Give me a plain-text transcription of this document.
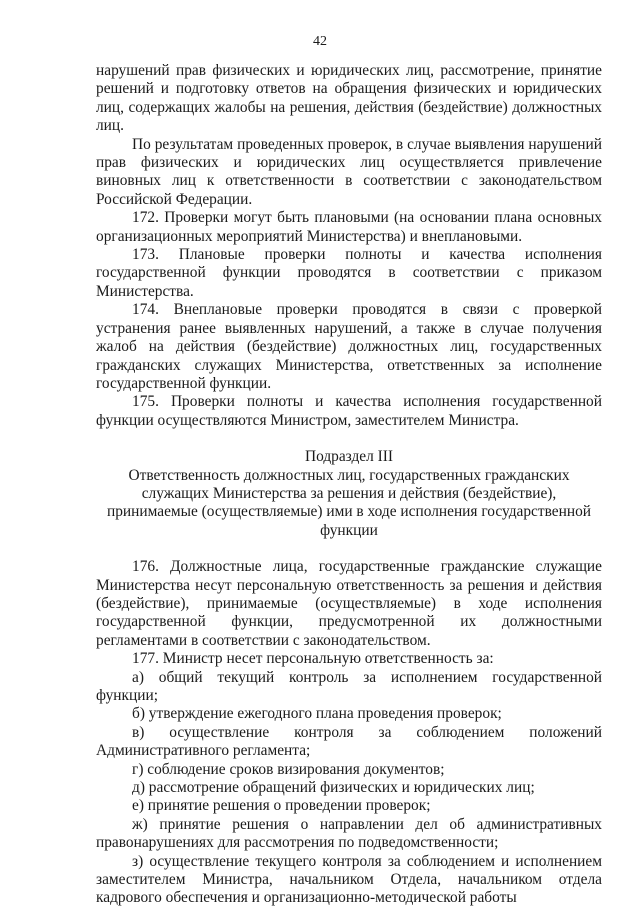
42

нарушений прав физических и юридических лиц, рассмотрение, принятие решений и подготовку ответов на обращения физических и юридических лиц, содержащих жалобы на решения, действия (бездействие) должностных лиц.

По результатам проведенных проверок, в случае выявления нарушений прав физических и юридических лиц осуществляется привлечение виновных лиц к ответственности в соответствии с законодательством Российской Федерации.

172. Проверки могут быть плановыми (на основании плана основных организационных мероприятий Министерства) и внеплановыми.

173. Плановые проверки полноты и качества исполнения государственной функции проводятся в соответствии с приказом Министерства.

174. Внеплановые проверки проводятся в связи с проверкой устранения ранее выявленных нарушений, а также в случае получения жалоб на действия (бездействие) должностных лиц, государственных гражданских служащих Министерства, ответственных за исполнение государственной функции.

175. Проверки полноты и качества исполнения государственной функции осуществляются Министром, заместителем Министра.

Подраздел III

Ответственность должностных лиц, государственных гражданских служащих Министерства за решения и действия (бездействие), принимаемые (осуществляемые) ими в ходе исполнения государственной функции

176. Должностные лица, государственные гражданские служащие Министерства несут персональную ответственность за решения и действия (бездействие), принимаемые (осуществляемые) в ходе исполнения государственной функции, предусмотренной их должностными регламентами в соответствии с законодательством.

177. Министр несет персональную ответственность за:

а) общий текущий контроль за исполнением государственной функции;

б) утверждение ежегодного плана проведения проверок;

в) осуществление контроля за соблюдением положений Административного регламента;

г) соблюдение сроков визирования документов;

д) рассмотрение обращений физических и юридических лиц;

е) принятие решения о проведении проверок;

ж) принятие решения о направлении дел об административных правонарушениях для рассмотрения по подведомственности;

з) осуществление текущего контроля за соблюдением и исполнением заместителем Министра, начальником Отдела, начальником отдела кадрового обеспечения и организационно-методической работы
